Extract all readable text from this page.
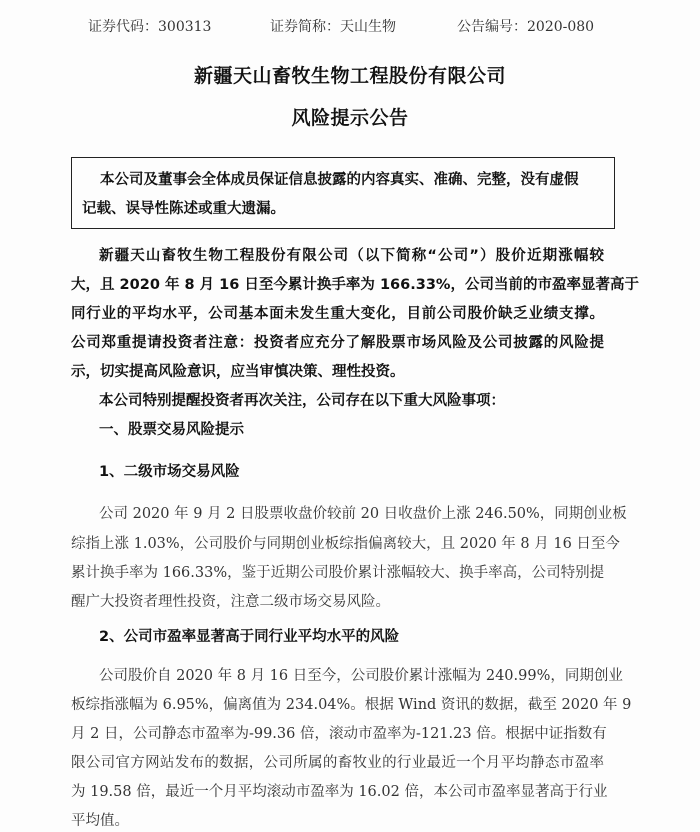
证券代码：300313	证券简称：天山生物	公告编号：2020-080
新疆天山畜牧生物工程股份有限公司
风险提示公告
本公司及董事会全体成员保证信息披露的内容真实、准确、完整，没有虚假
记载、误导性陈述或重大遗漏。
新疆天山畜牧生物工程股份有限公司（以下简称“公司”）股价近期涨幅较
大，且 2020 年 8 月 16 日至今累计换手率为 166.33%，公司当前的市盈率显著高于
同行业的平均水平，公司基本面未发生重大变化，目前公司股价缺乏业绩支撑。
公司郑重提请投资者注意：投资者应充分了解股票市场风险及公司披露的风险提
示，切实提高风险意识，应当审慎决策、理性投资。
本公司特别提醒投资者再次关注，公司存在以下重大风险事项：
一、股票交易风险提示
1、二级市场交易风险
公司 2020 年 9 月 2 日股票收盘价较前 20 日收盘价上涨 246.50%，同期创业板
综指上涨 1.03%，公司股价与同期创业板综指偏离较大，且 2020 年 8 月 16 日至今
累计换手率为 166.33%，鉴于近期公司股价累计涨幅较大、换手率高，公司特别提
醒广大投资者理性投资，注意二级市场交易风险。
2、公司市盈率显著高于同行业平均水平的风险
公司股价自 2020 年 8 月 16 日至今，公司股价累计涨幅为 240.99%，同期创业
板综指涨幅为 6.95%，偏离值为 234.04%。根据 Wind 资讯的数据，截至 2020 年 9
月 2 日，公司静态市盈率为-99.36 倍，滚动市盈率为-121.23 倍。根据中证指数有
限公司官方网站发布的数据，公司所属的畜牧业的行业最近一个月平均静态市盈率
为 19.58 倍，最近一个月平均滚动市盈率为 16.02 倍，本公司市盈率显著高于行业
平均值。
